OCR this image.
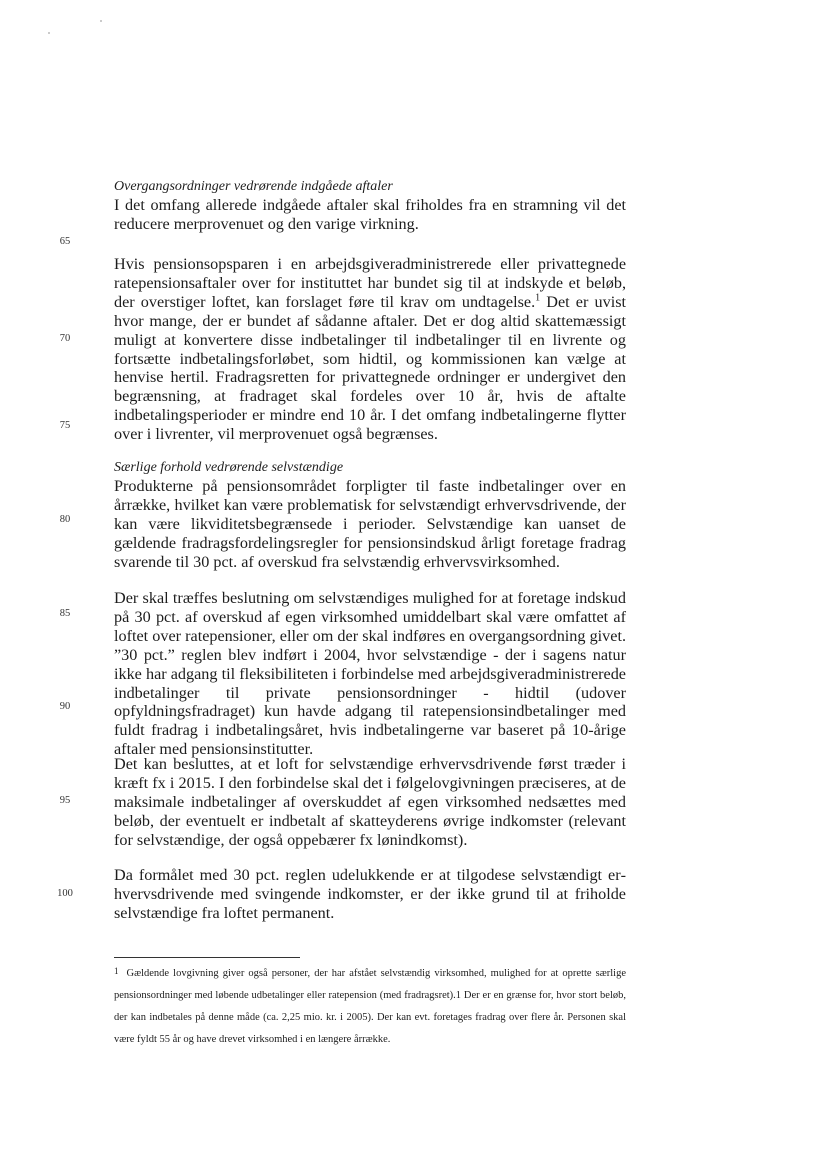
Overgangsordninger vedrørende indgåede aftaler
I det omfang allerede indgåede aftaler skal friholdes fra en stramning vil det reducere merprovenuet og den varige virkning.
Hvis pensionsopsparen i en arbejdsgiveradministrerede eller privattegnede ratepensionsaftaler over for instituttet har bundet sig til at indskyde et beløb, der overstiger loftet, kan forslaget føre til krav om undtagelse.$^1$ Det er uvist hvor mange, der er bundet af sådanne aftaler. Det er dog altid skattemæssigt muligt at konvertere disse indbetalinger til indbetalinger til en livrente og fortsætte indbetalingsforløbet, som hidtil, og kommissionen kan vælge at henvise hertil. Fradragsretten for privattegnede ordninger er undergivet den begrænsning, at fradraget skal fordeles over 10 år, hvis de aftalte indbetalingsperioder er mindre end 10 år. I det omfang indbetalingerne flytter over i livrenter, vil merprovenuet også begrænses.
Særlige forhold vedrørende selvstændige
Produkterne på pensionsområdet forpligter til faste indbetalinger over en årrække, hvilket kan være problematisk for selvstændigt erhvervsdrivende, der kan være likviditetsbegrænsede i perioder. Selvstændige kan uanset de gældende fradragsfordelingsregler for pensionsindskud årligt foretage fradrag svarende til 30 pct. af overskud fra selvstændig erhvervsvirksomhed.
Der skal træffes beslutning om selvstændiges mulighed for at foretage indskud på 30 pct. af overskud af egen virksomhed umiddelbart skal være omfattet af loftet over ratepensioner, eller om der skal indføres en overgangsordning givet. ”30 pct.” reglen blev indført i 2004, hvor selvstændige - der i sagens natur ikke har adgang til fleksibiliteten i forbindelse med arbejdsgiveradministrerede indbetalinger til private pensionsordninger - hidtil (udover opfyldningsfradraget) kun havde adgang til ratepensionsindbetalinger med fuldt fradrag i indbetalingsåret, hvis indbetalingerne var baseret på 10-årige aftaler med pensionsinstitutter.
Det kan besluttes, at et loft for selvstændige erhvervsdrivende først træder i kræft fx i 2015. I den forbindelse skal det i følgelovgivningen præciseres, at de maksimale indbetalinger af overskuddet af egen virksomhed nedsættes med beløb, der eventuelt er indbetalt af skatteyderens øvrige indkomster (relevant for selvstændige, der også oppebærer fx lønindkomst).
Da formålet med 30 pct. reglen udelukkende er at tilgodese selvstændigt erhvervsdrivende med svingende indkomster, er der ikke grund til at friholde selvstændige fra loftet permanent.
65
70
75
80
85
90
95
100
1 Gældende lovgivning giver også personer, der har afstået selvstændig virksomhed, mulighed for at oprette særlige pensionsordninger med løbende udbetalinger eller ratepension (med fradragsret).1 Der er en grænse for, hvor stort beløb, der kan indbetales på denne måde (ca. 2,25 mio. kr. i 2005). Der kan evt. foretages fradrag over flere år. Personen skal være fyldt 55 år og have drevet virksomhed i en længere årrække.
